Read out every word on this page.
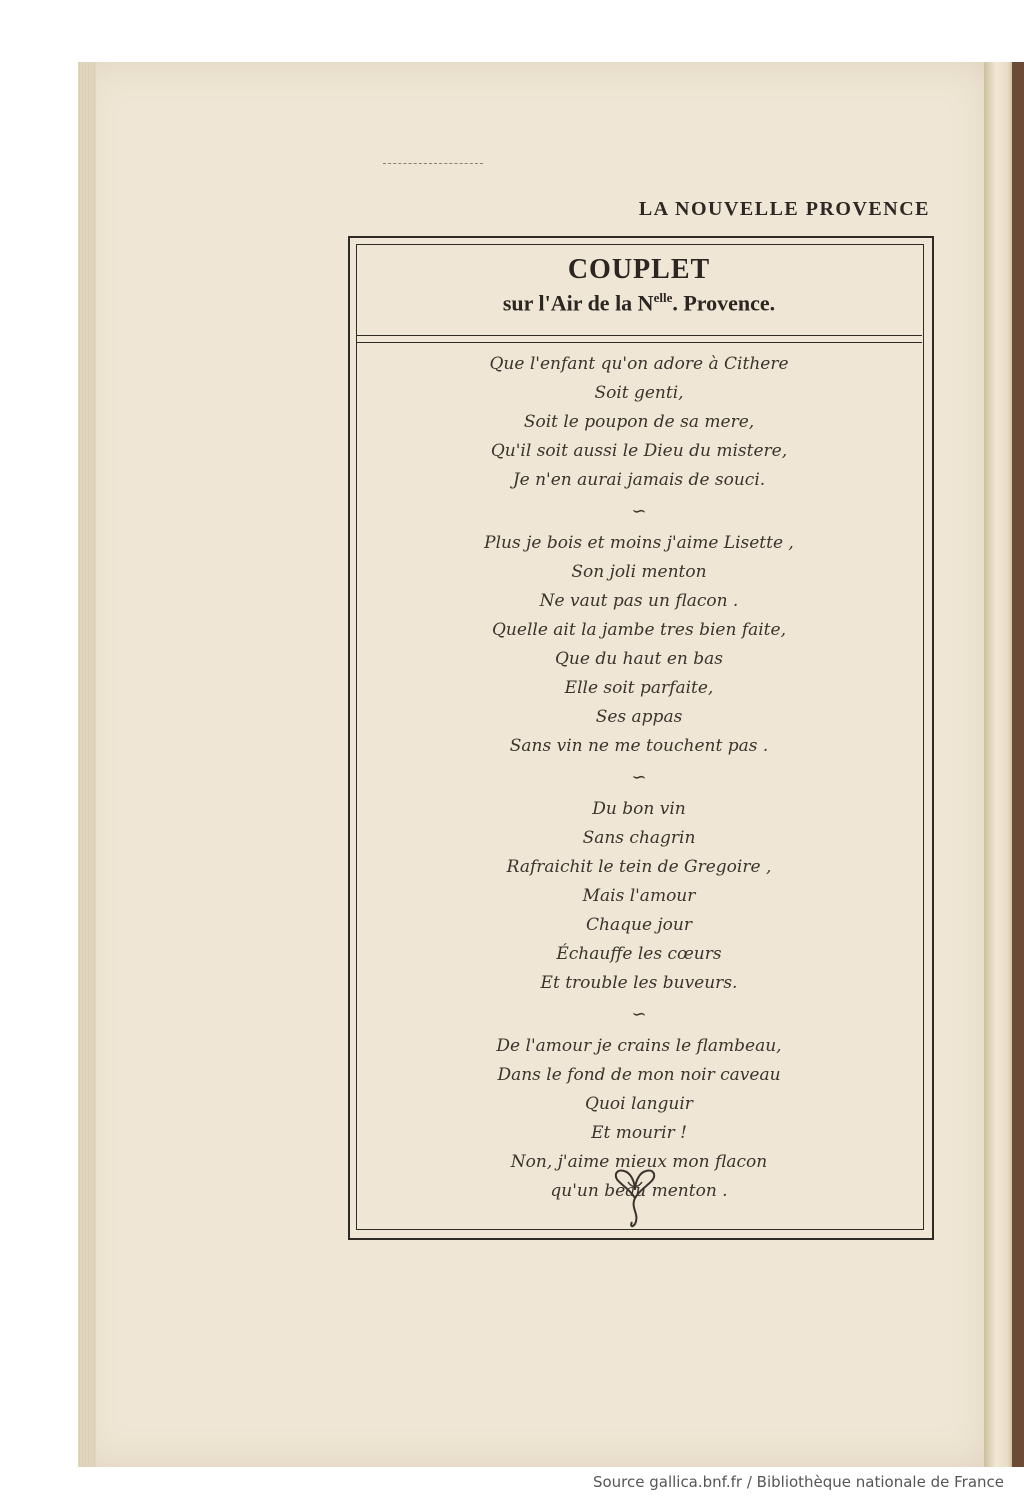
LA NOUVELLE PROVENCE
COUPLET
sur l'Air de la $N^{elle}$. Provence.
Que l'enfant qu'on adore à Cithere
Soit genti,
Soit le poupon de sa mere,
Qu'il soit aussi le Dieu du mistere,
Je n'en aurai jamais de souci.
∽
Plus je bois et moins j'aime Lisette ,
Son joli menton
Ne vaut pas un flacon .
Quelle ait la jambe tres bien faite,
Que du haut en bas
Elle soit parfaite,
Ses appas
Sans vin ne me touchent pas .
∽
Du bon vin
Sans chagrin
Rafraichit le tein de Gregoire ,
Mais l'amour
Chaque jour
Échauffe les cœurs
Et trouble les buveurs.
∽
De l'amour je crains le flambeau,
Dans le fond de mon noir caveau
Quoi languir
Et mourir !
Non, j'aime mieux mon flacon
qu'un beau menton .
Source gallica.bnf.fr / Bibliothèque nationale de France
